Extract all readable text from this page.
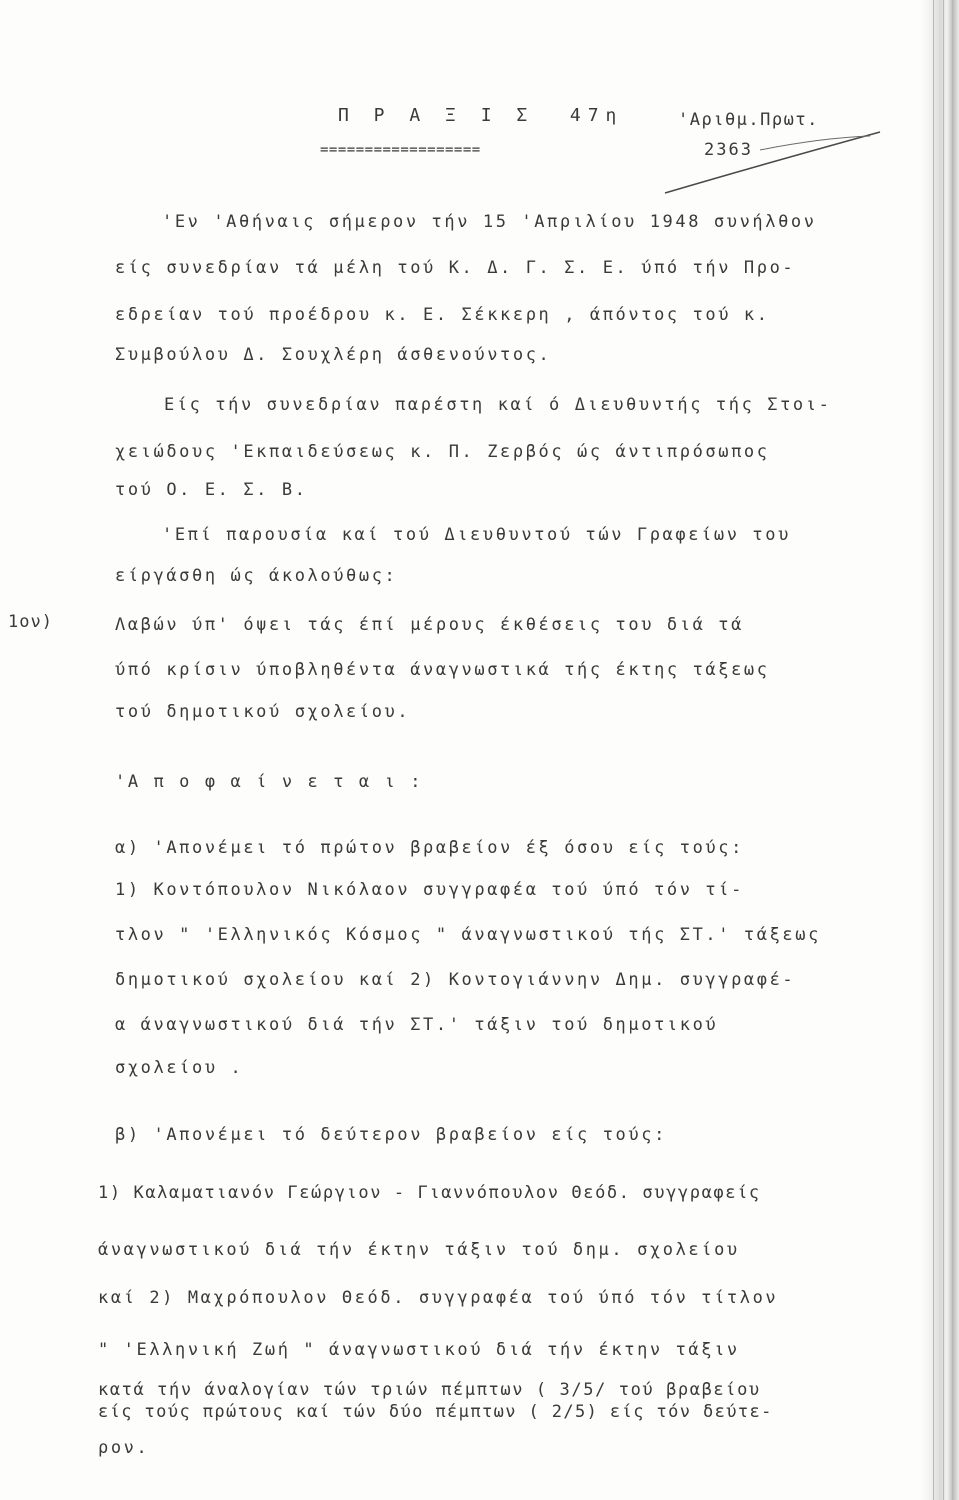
Π Ρ Α Ξ Ι Σ  47η
==================
'Αριθμ.Πρωτ.
2363
1ον)
'Εν 'Αθήναις σήμερον τήν 15 'Απριλίου 1948 συνήλθον
είς συνεδρίαν τά μέλη τού Κ. Δ. Γ. Σ. Ε. ύπό τήν Προ-
εδρείαν τού προέδρου κ. Ε. Σέκκερη , άπόντος τού κ.
Συμβούλου Δ. Σουχλέρη άσθενούντος.
Είς τήν συνεδρίαν παρέστη καί ό Διευθυντής τής Στοι-
χειώδους 'Εκπαιδεύσεως κ. Π. Ζερβός ώς άντιπρόσωπος
τού Ο. Ε. Σ. Β.
'Επί παρουσία καί τού Διευθυντού τών Γραφείων του
είργάσθη ώς άκολούθως:
Λαβών ύπ' όψει τάς έπί μέρους έκθέσεις του διά τά
ύπό κρίσιν ύποβληθέντα άναγνωστικά τής έκτης τάξεως
τού δημοτικού σχολείου.
'Α π ο φ α ί ν ε τ α ι :
α) 'Απονέμει τό πρώτον βραβείον έξ όσου είς τούς:
1) Κοντόπουλον Νικόλαον συγγραφέα τού ύπό τόν τί-
τλον " 'Ελληνικός Κόσμος " άναγνωστικού τής ΣΤ.' τάξεως
δημοτικού σχολείου καί 2) Κοντογιάννην Δημ. συγγραφέ-
α άναγνωστικού διά τήν ΣΤ.' τάξιν τού δημοτικού
σχολείου .
β) 'Απονέμει τό δεύτερον βραβείον είς τούς:
1) Καλαματιανόν Γεώργιον - Γιαννόπουλον Θεόδ. συγγραφείς
άναγνωστικού διά τήν έκτην τάξιν τού δημ. σχολείου
καί 2) Μαχρόπουλον Θεόδ. συγγραφέα τού ύπό τόν τίτλον
" 'Ελληνική Ζωή " άναγνωστικού διά τήν έκτην τάξιν
κατά τήν άναλογίαν τών τριών πέμπτων ( 3/5/ τού βραβείου
είς τούς πρώτους καί τών δύο πέμπτων ( 2/5) είς τόν δεύτε-
ρον.
